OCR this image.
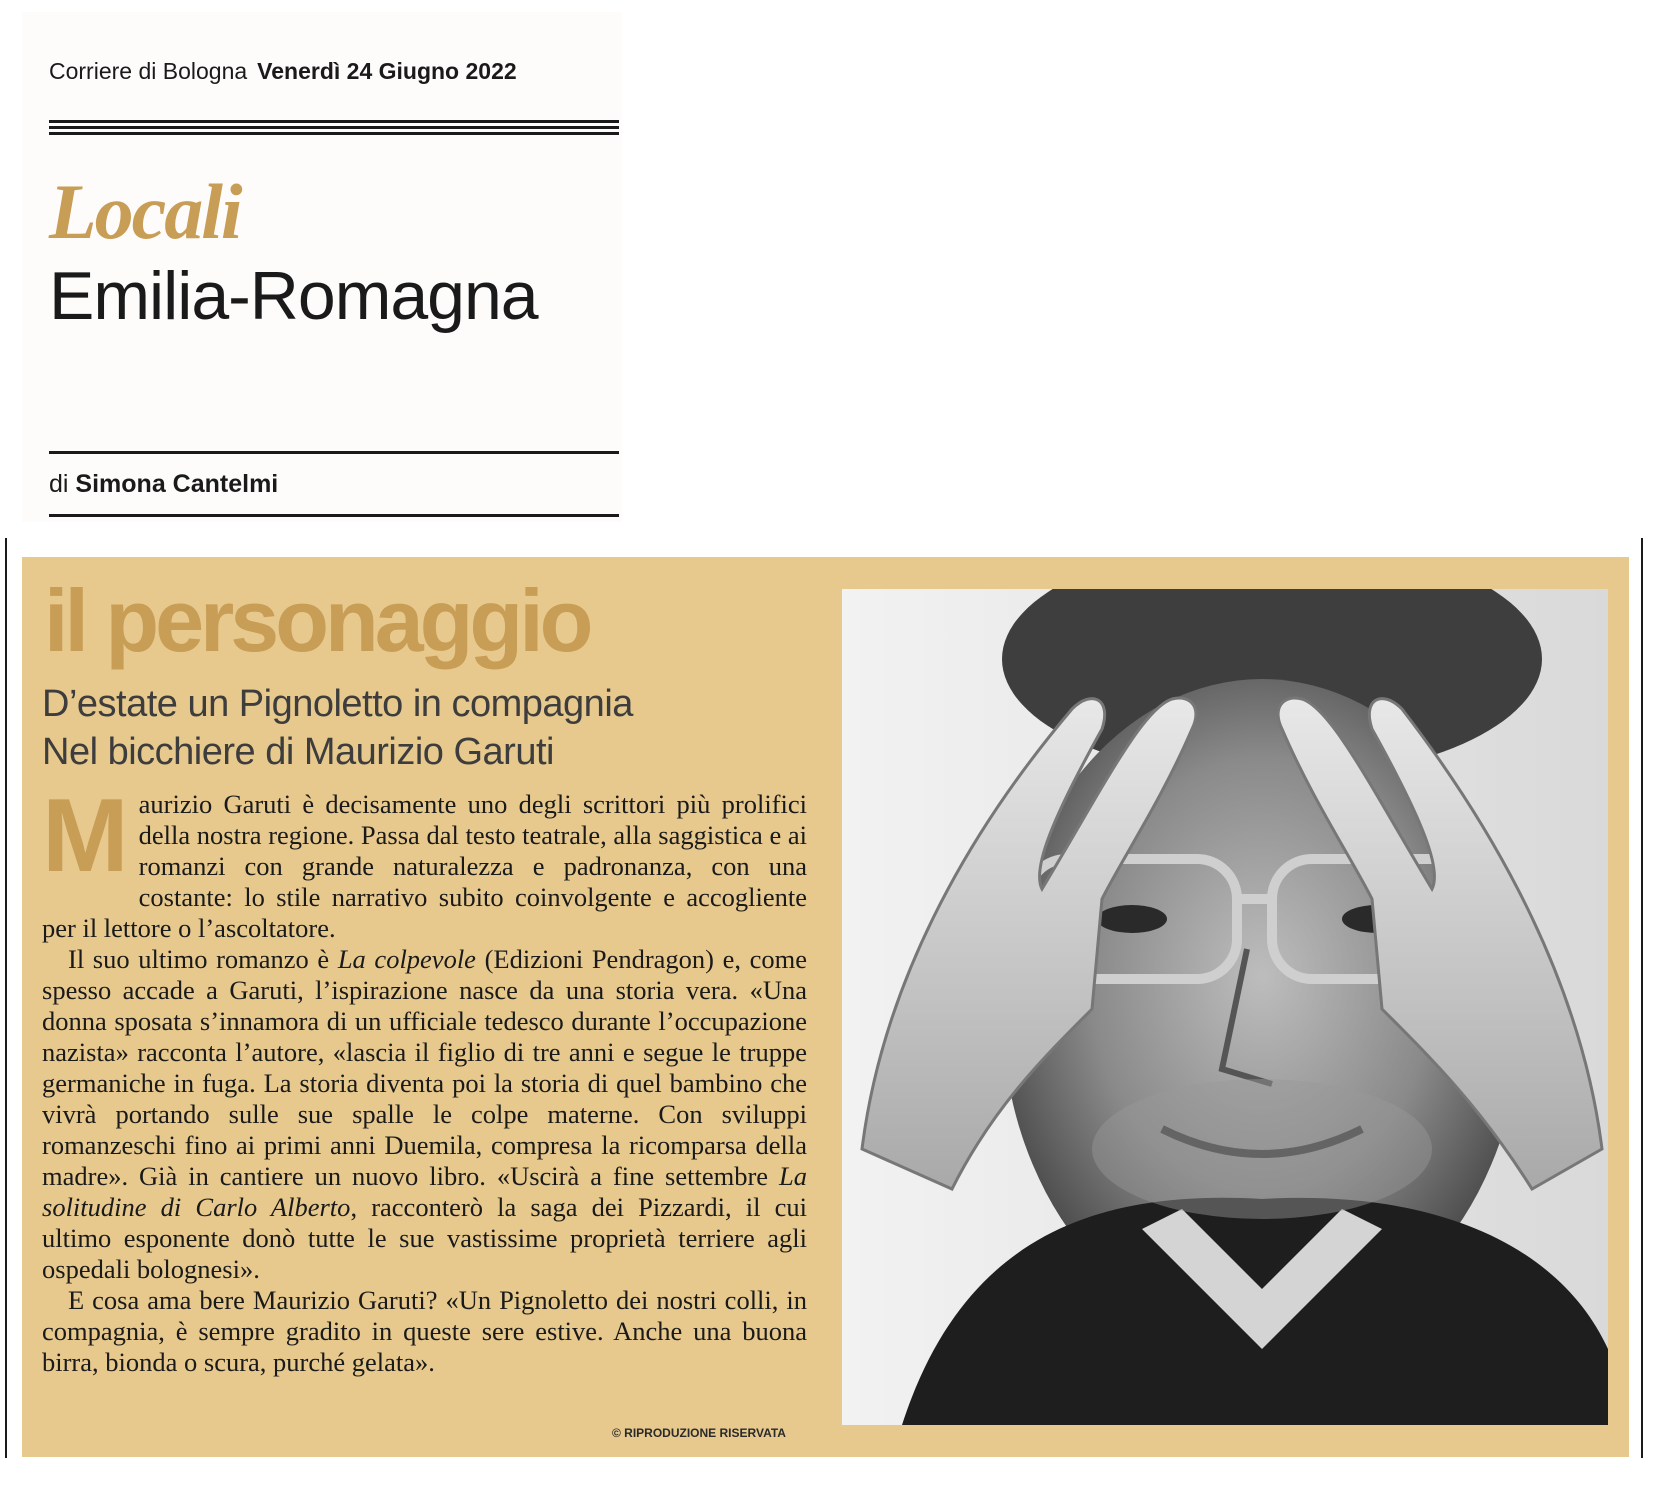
Corriere di Bologna Venerdì 24 Giugno 2022
Locali
Emilia-Romagna
di Simona Cantelmi
il personaggio
D’estate un Pignoletto in compagnia
Nel bicchiere di Maurizio Garuti

Maurizio Garuti è decisamente uno degli scrittori più prolifici della nostra regione. Passa dal testo teatrale, alla saggistica e ai romanzi con grande naturalezza e padronanza, con una costante: lo stile narrativo subito coinvolgente e accogliente per il lettore o l’ascoltatore.

Il suo ultimo romanzo è La colpevole (Edizioni Pendragon) e, come spesso accade a Garuti, l’ispirazione nasce da una storia vera. «Una donna sposata s’innamora di un ufficiale tedesco durante l’occupazione nazista» racconta l’autore, «lascia il figlio di tre anni e segue le truppe germaniche in fuga. La storia diventa poi la storia di quel bambino che vivrà portando sulle sue spalle le colpe materne. Con sviluppi romanzeschi fino ai primi anni Duemila, compresa la ricomparsa della madre». Già in cantiere un nuovo libro. «Uscirà a fine settembre La solitudine di Carlo Alberto, racconterò la saga dei Pizzardi, il cui ultimo esponente donò tutte le sue vastissime proprietà terriere agli ospedali bolognesi».

E cosa ama bere Maurizio Garuti? «Un Pignoletto dei nostri colli, in compagnia, è sempre gradito in queste sere estive. Anche una buona birra, bionda o scura, purché gelata».

© RIPRODUZIONE RISERVATA
